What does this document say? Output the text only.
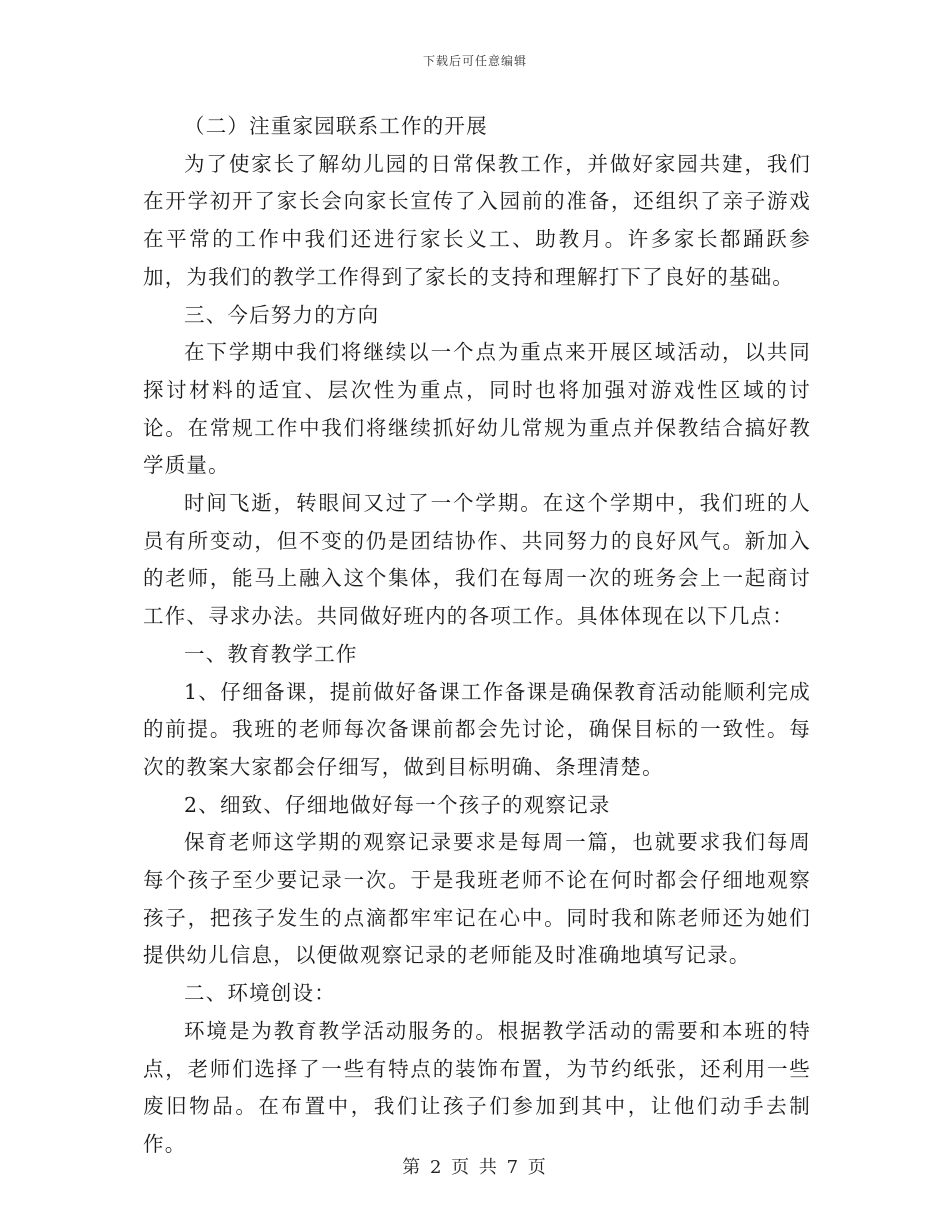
下载后可任意编辑

（二）注重家园联系工作的开展

为了使家长了解幼儿园的日常保教工作，并做好家园共建，我们在开学初开了家长会向家长宣传了入园前的准备，还组织了亲子游戏在平常的工作中我们还进行家长义工、助教月。许多家长都踊跃参加，为我们的教学工作得到了家长的支持和理解打下了良好的基础。

三、今后努力的方向

在下学期中我们将继续以一个点为重点来开展区域活动，以共同探讨材料的适宜、层次性为重点，同时也将加强对游戏性区域的讨论。在常规工作中我们将继续抓好幼儿常规为重点并保教结合搞好教学质量。

时间飞逝，转眼间又过了一个学期。在这个学期中，我们班的人员有所变动，但不变的仍是团结协作、共同努力的良好风气。新加入的老师，能马上融入这个集体，我们在每周一次的班务会上一起商讨工作、寻求办法。共同做好班内的各项工作。具体体现在以下几点：

一、教育教学工作

1、仔细备课，提前做好备课工作备课是确保教育活动能顺利完成的前提。我班的老师每次备课前都会先讨论，确保目标的一致性。每次的教案大家都会仔细写，做到目标明确、条理清楚。

2、细致、仔细地做好每一个孩子的观察记录

保育老师这学期的观察记录要求是每周一篇，也就要求我们每周每个孩子至少要记录一次。于是我班老师不论在何时都会仔细地观察孩子，把孩子发生的点滴都牢牢记在心中。同时我和陈老师还为她们提供幼儿信息，以便做观察记录的老师能及时准确地填写记录。

二、环境创设：

环境是为教育教学活动服务的。根据教学活动的需要和本班的特点，老师们选择了一些有特点的装饰布置，为节约纸张，还利用一些废旧物品。在布置中，我们让孩子们参加到其中，让他们动手去制作。

第 2 页 共 7 页
